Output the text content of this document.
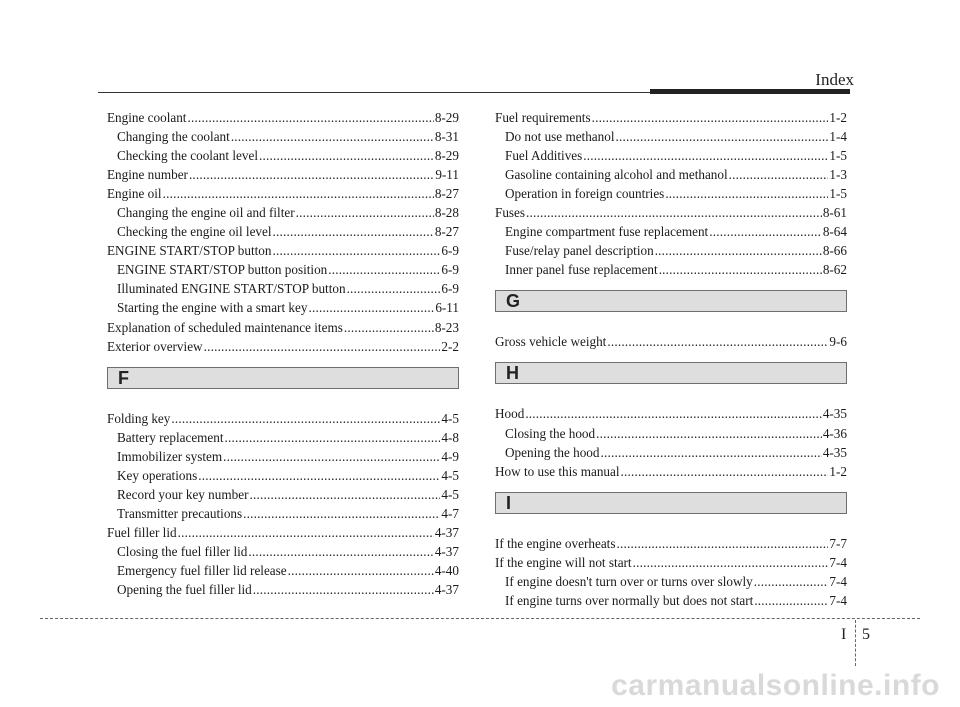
Index
Engine coolant .....	8-29
Changing the coolant .....	8-31
Checking the coolant level .....	8-29
Engine number .....	9-11
Engine oil .....	8-27
Changing the engine oil and filter .....	8-28
Checking the engine oil level .....	8-27
ENGINE START/STOP button .....	6-9
ENGINE START/STOP button position .....	6-9
Illuminated ENGINE START/STOP button .....	6-9
Starting the engine with a smart key .....	6-11
Explanation of scheduled maintenance items .....	8-23
Exterior overview .....	2-2
F
Folding key .....	4-5
Battery replacement .....	4-8
Immobilizer system .....	4-9
Key operations .....	4-5
Record your key number .....	4-5
Transmitter precautions .....	4-7
Fuel filler lid .....	4-37
Closing the fuel filler lid .....	4-37
Emergency fuel filler lid release .....	4-40
Opening the fuel filler lid .....	4-37
Fuel requirements .....	1-2
Do not use methanol .....	1-4
Fuel Additives .....	1-5
Gasoline containing alcohol and methanol .....	1-3
Operation in foreign countries .....	1-5
Fuses .....	8-61
Engine compartment fuse replacement .....	8-64
Fuse/relay panel description .....	8-66
Inner panel fuse replacement .....	8-62
G
Gross vehicle weight .....	9-6
H
Hood .....	4-35
Closing the hood .....	4-36
Opening the hood .....	4-35
How to use this manual .....	1-2
I
If the engine overheats .....	7-7
If the engine will not start .....	7-4
If engine doesn't turn over or turns over slowly .....	7-4
If engine turns over normally but does not start .....	7-4
I 5
carmanualsonline.info
